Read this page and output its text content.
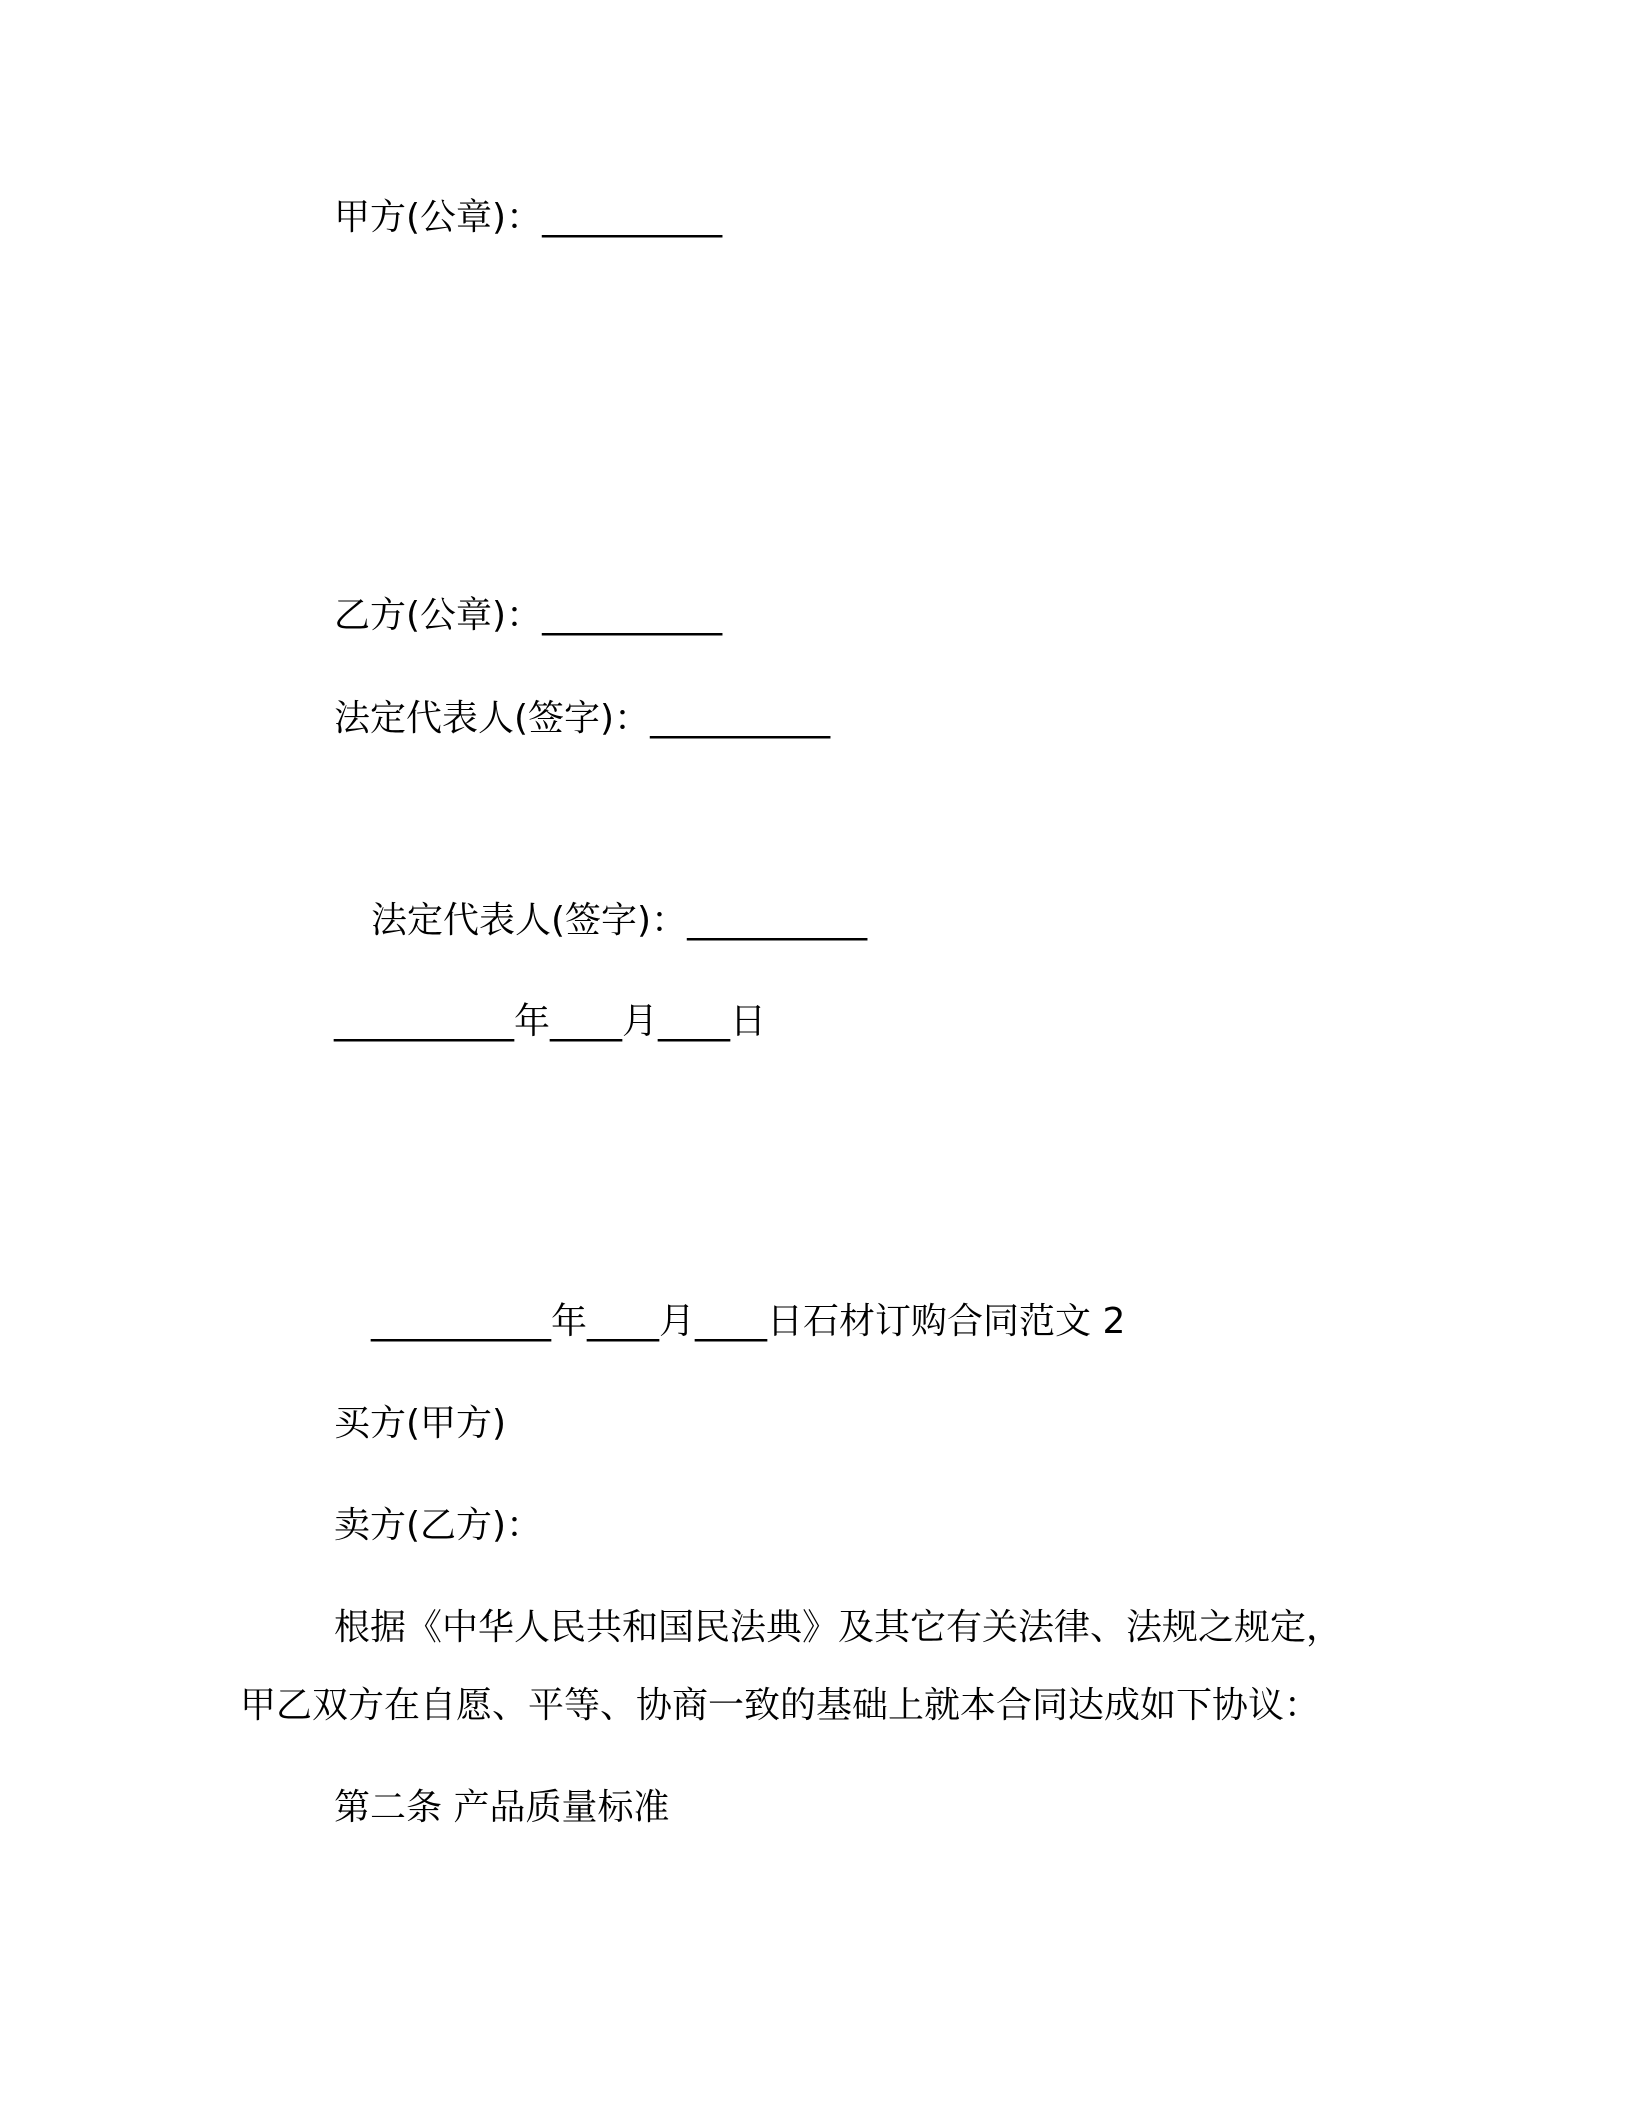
甲方(公章)：__________
乙方(公章)：__________
法定代表人(签字)：__________
法定代表人(签字)：__________
__________年____月____日
__________年____月____日石材订购合同范文 2
买方(甲方)
卖方(乙方)：
根据《中华人民共和国民法典》及其它有关法律、法规之规定，
甲乙双方在自愿、平等、协商一致的基础上就本合同达成如下协议：
第二条 产品质量标准
